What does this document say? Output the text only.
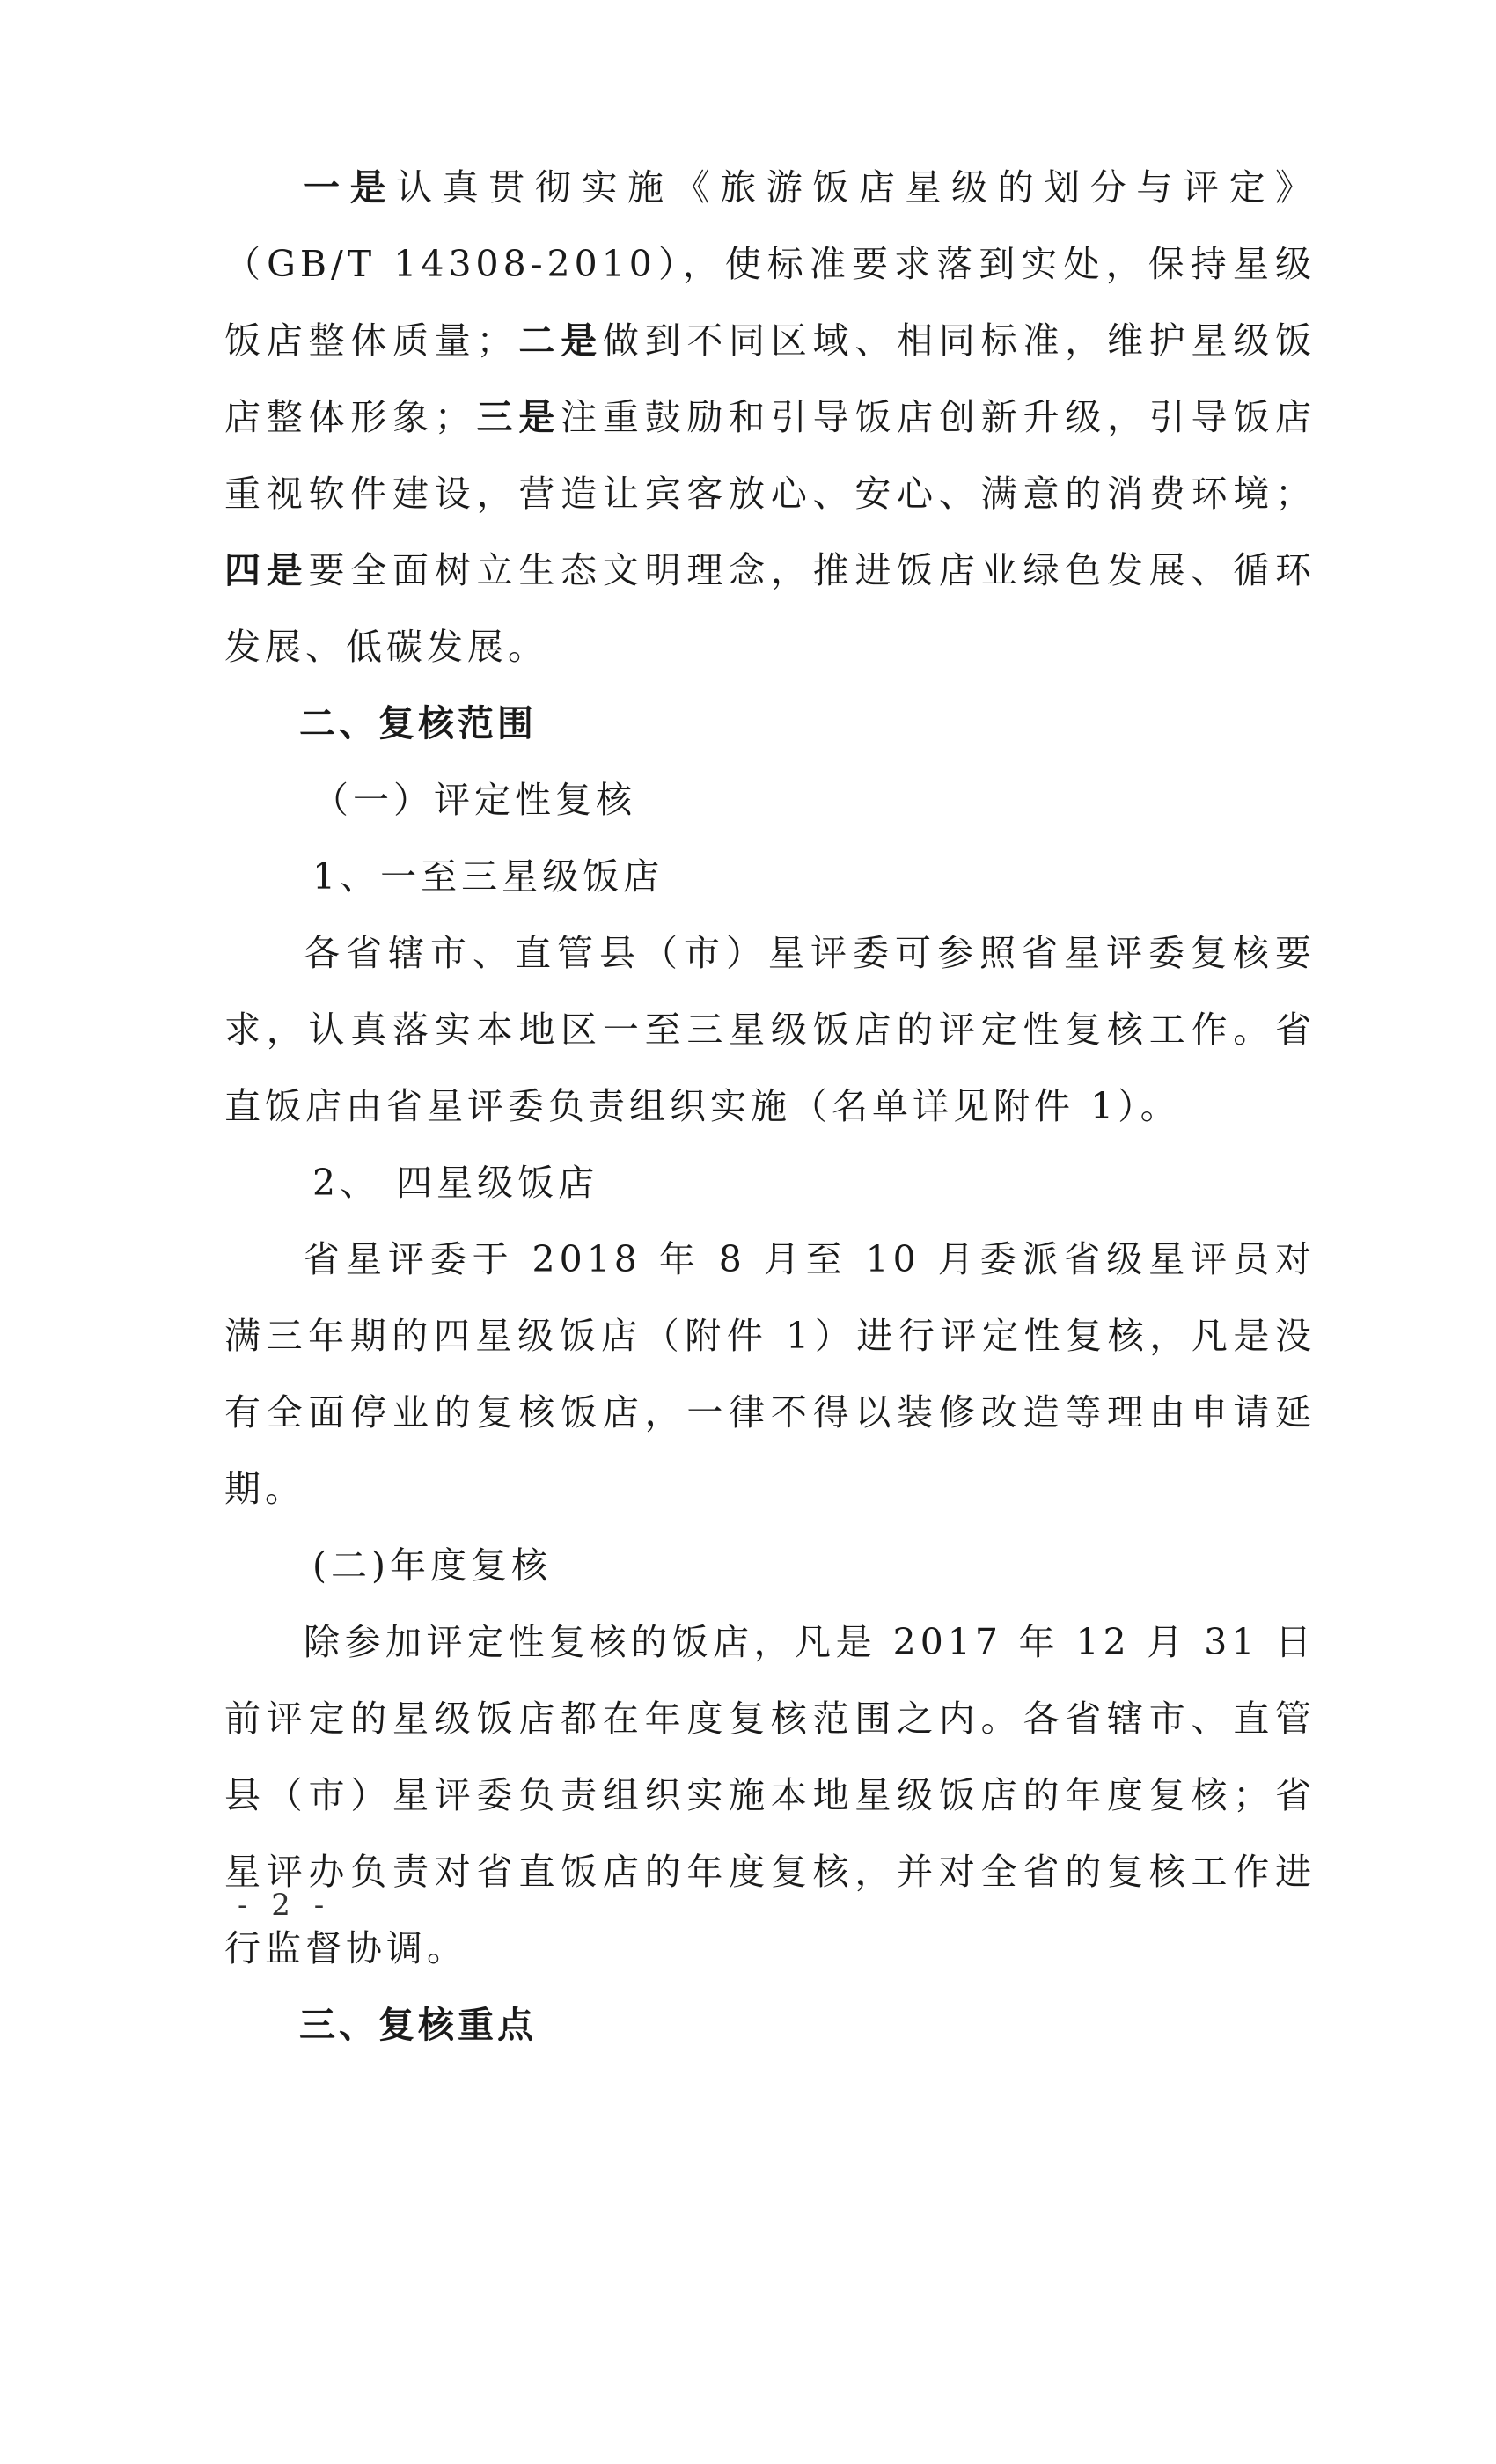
一是认真贯彻实施《旅游饭店星级的划分与评定》（GB/T 14308-2010），使标准要求落到实处，保持星级饭店整体质量；二是做到不同区域、相同标准，维护星级饭店整体形象；三是注重鼓励和引导饭店创新升级，引导饭店重视软件建设，营造让宾客放心、安心、满意的消费环境；四是要全面树立生态文明理念，推进饭店业绿色发展、循环发展、低碳发展。

二、复核范围

（一）评定性复核

1、一至三星级饭店

各省辖市、直管县（市）星评委可参照省星评委复核要求，认真落实本地区一至三星级饭店的评定性复核工作。省直饭店由省星评委负责组织实施（名单详见附件 1）。

2、 四星级饭店

省星评委于 2018 年 8 月至 10 月委派省级星评员对满三年期的四星级饭店（附件 1）进行评定性复核，凡是没有全面停业的复核饭店，一律不得以装修改造等理由申请延期。

(二)年度复核

除参加评定性复核的饭店，凡是 2017 年 12 月 31 日前评定的星级饭店都在年度复核范围之内。各省辖市、直管县（市）星评委负责组织实施本地星级饭店的年度复核；省星评办负责对省直饭店的年度复核，并对全省的复核工作进行监督协调。

三、复核重点

- 2 -
